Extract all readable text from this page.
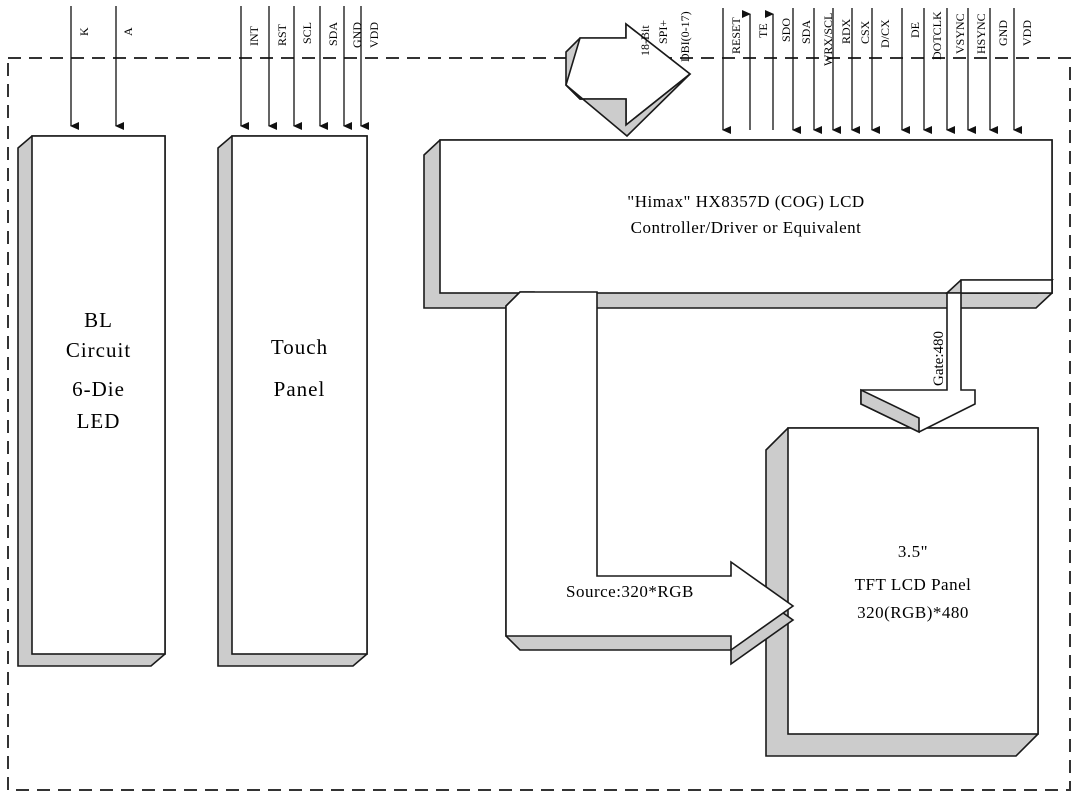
K	A	INT RST SCL SDA GND VDD	DBI(0-17)
SPI+
18-Bit	RESET TE SDO SDA WRX/SCL RDX CSX D/CX DE DOTCLK VSYNC HSYNC GND VDD
BL
Circuit
6-Die
LED
Touch
Panel
"Himax" HX8357D (COG) LCD
Controller/Driver or Equivalent
3.5"
TFT LCD Panel
320(RGB)*480
Source:320*RGB
Gate:480
